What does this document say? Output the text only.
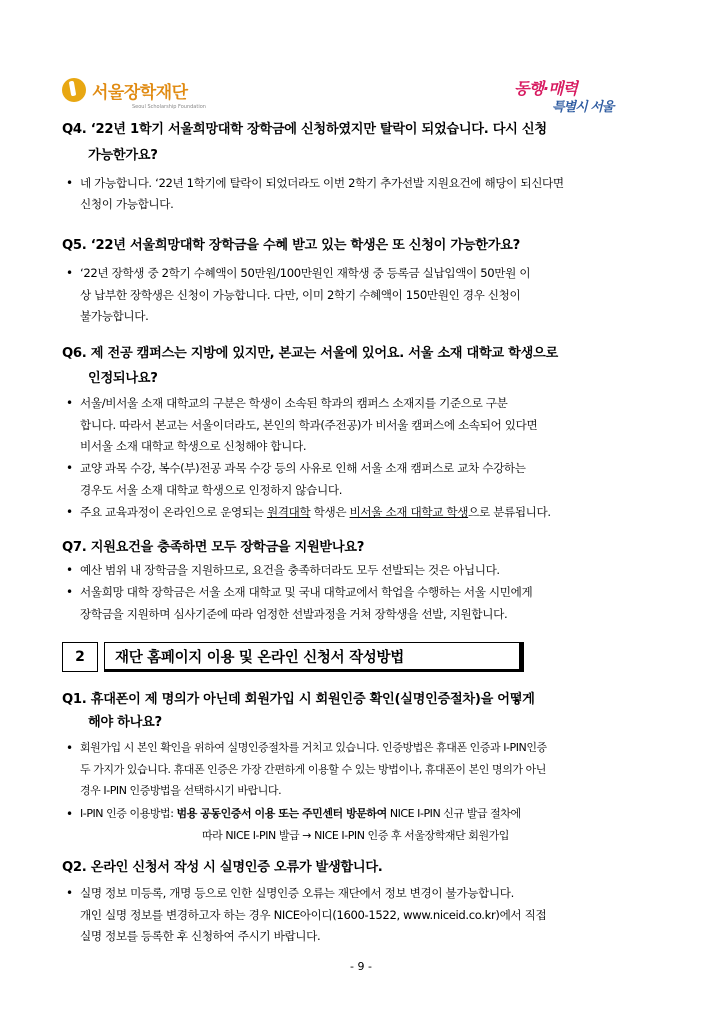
서울장학재단
Seoul Scholarship Foundation
동행·매력
특별시 서울
Q4. ‘22년 1학기 서울희망대학 장학금에 신청하였지만 탈락이 되었습니다. 다시 신청
가능한가요?
• 네 가능합니다. ‘22년 1학기에 탈락이 되었더라도 이번 2학기 추가선발 지원요건에 해당이 되신다면
신청이 가능합니다.
Q5. ‘22년 서울희망대학 장학금을 수혜 받고 있는 학생은 또 신청이 가능한가요?
• ‘22년 장학생 중 2학기 수혜액이 50만원/100만원인 재학생 중 등록금 실납입액이 50만원 이
상 납부한 장학생은 신청이 가능합니다. 다만, 이미 2학기 수혜액이 150만원인 경우 신청이
불가능합니다.
Q6. 제 전공 캠퍼스는 지방에 있지만, 본교는 서울에 있어요. 서울 소재 대학교 학생으로
인정되나요?
• 서울/비서울 소재 대학교의 구분은 학생이 소속된 학과의 캠퍼스 소재지를 기준으로 구분
합니다. 따라서 본교는 서울이더라도, 본인의 학과(주전공)가 비서울 캠퍼스에 소속되어 있다면
비서울 소재 대학교 학생으로 신청해야 합니다.
• 교양 과목 수강, 복수(부)전공 과목 수강 등의 사유로 인해 서울 소재 캠퍼스로 교차 수강하는
경우도 서울 소재 대학교 학생으로 인정하지 않습니다.
• 주요 교육과정이 온라인으로 운영되는 원격대학 학생은 비서울 소재 대학교 학생으로 분류됩니다.
Q7. 지원요건을 충족하면 모두 장학금을 지원받나요?
• 예산 범위 내 장학금을 지원하므로, 요건을 충족하더라도 모두 선발되는 것은 아닙니다.
• 서울희망 대학 장학금은 서울 소재 대학교 및 국내 대학교에서 학업을 수행하는 서울 시민에게
장학금을 지원하며 심사기준에 따라 엄정한 선발과정을 거쳐 장학생을 선발, 지원합니다.
2	재단 홈페이지 이용 및 온라인 신청서 작성방법
Q1. 휴대폰이 제 명의가 아닌데 회원가입 시 회원인증 확인(실명인증절차)을 어떻게
해야 하나요?
• 회원가입 시 본인 확인을 위하여 실명인증절차를 거치고 있습니다. 인증방법은 휴대폰 인증과 I-PIN인증
두 가지가 있습니다. 휴대폰 인증은 가장 간편하게 이용할 수 있는 방법이나, 휴대폰이 본인 명의가 아닌
경우 I-PIN 인증방법을 선택하시기 바랍니다.
• I-PIN 인증 이용방법: 범용 공동인증서 이용 또는 주민센터 방문하여 NICE I-PIN 신규 발급 절차에
따라 NICE I-PIN 발급 → NICE I-PIN 인증 후 서울장학재단 회원가입
Q2. 온라인 신청서 작성 시 실명인증 오류가 발생합니다.
• 실명 정보 미등록, 개명 등으로 인한 실명인증 오류는 재단에서 정보 변경이 불가능합니다.
개인 실명 정보를 변경하고자 하는 경우 NICE아이디(1600-1522, www.niceid.co.kr)에서 직접
실명 정보를 등록한 후 신청하여 주시기 바랍니다.
- 9 -
